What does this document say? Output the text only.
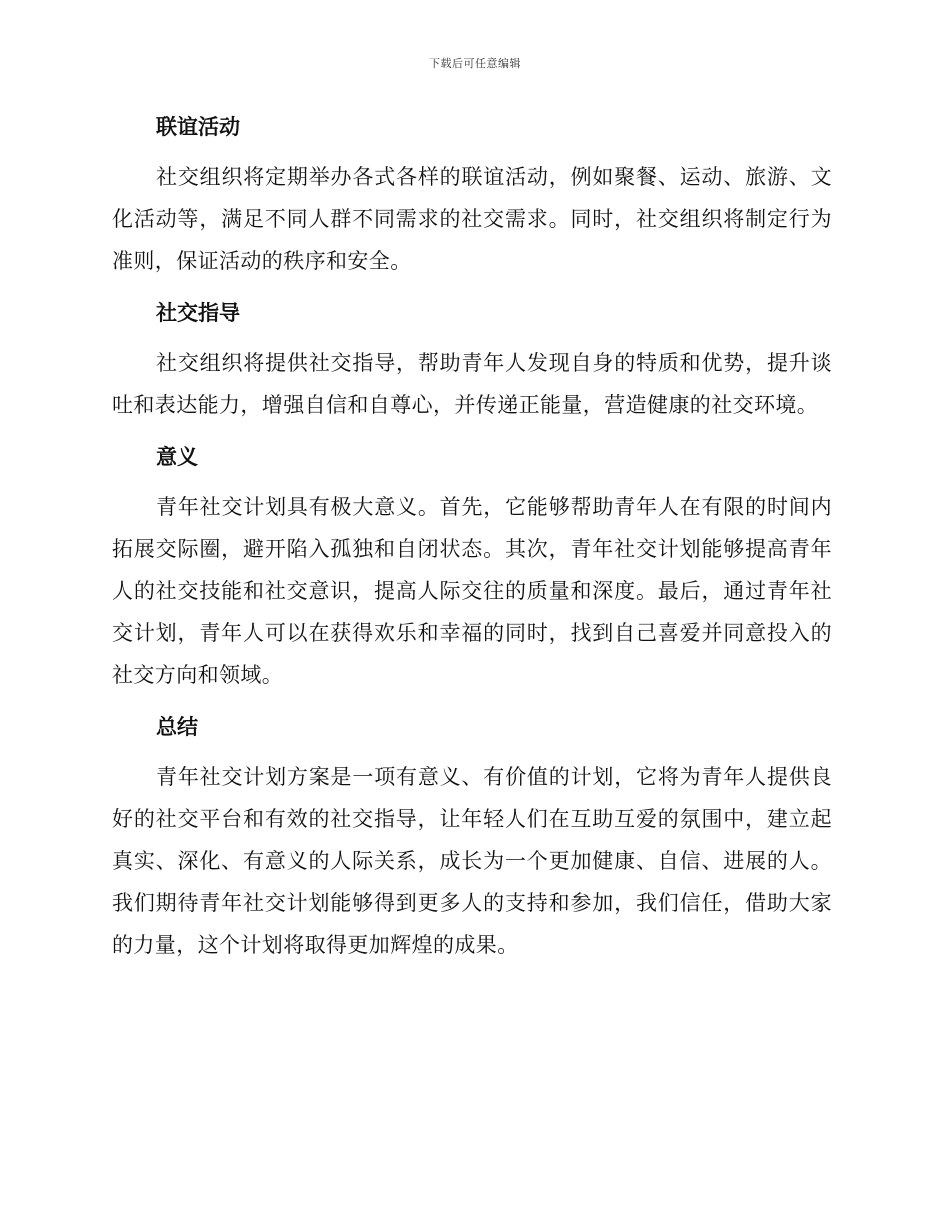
下载后可任意编辑
联谊活动

社交组织将定期举办各式各样的联谊活动，例如聚餐、运动、旅游、文化活动等，满足不同人群不同需求的社交需求。同时，社交组织将制定行为准则，保证活动的秩序和安全。

社交指导

社交组织将提供社交指导，帮助青年人发现自身的特质和优势，提升谈吐和表达能力，增强自信和自尊心，并传递正能量，营造健康的社交环境。

意义

青年社交计划具有极大意义。首先，它能够帮助青年人在有限的时间内拓展交际圈，避开陷入孤独和自闭状态。其次，青年社交计划能够提高青年人的社交技能和社交意识，提高人际交往的质量和深度。最后，通过青年社交计划，青年人可以在获得欢乐和幸福的同时，找到自己喜爱并同意投入的社交方向和领域。

总结

青年社交计划方案是一项有意义、有价值的计划，它将为青年人提供良好的社交平台和有效的社交指导，让年轻人们在互助互爱的氛围中，建立起真实、深化、有意义的人际关系，成长为一个更加健康、自信、进展的人。我们期待青年社交计划能够得到更多人的支持和参加，我们信任，借助大家的力量，这个计划将取得更加辉煌的成果。
